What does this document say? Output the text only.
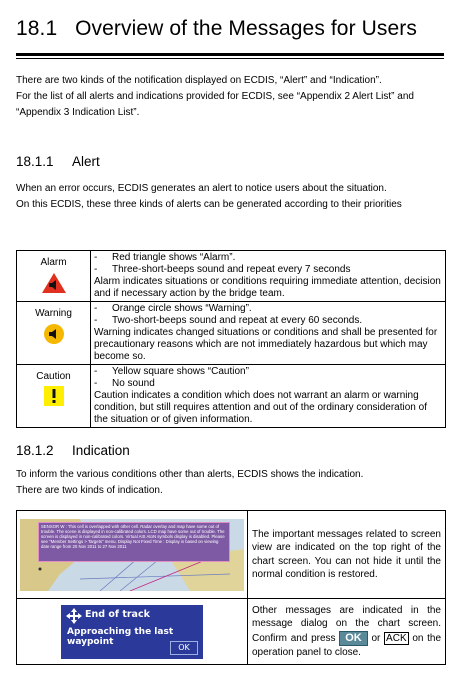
18.1 Overview of the Messages for Users
There are two kinds of the notification displayed on ECDIS, “Alert” and “Indication”.
For the list of all alerts and indications provided for ECDIS, see “Appendix 2 Alert List” and “Appendix 3 Indication List”.
18.1.1 Alert
When an error occurs, ECDIS generates an alert to notice users about the situation.
On this ECDIS, these three kinds of alerts can be generated according to their priorities
Alarm	- Red triangle shows “Alarm”.
- Three-short-beeps sound and repeat every 7 seconds
Alarm indicates situations or conditions requiring immediate attention, decision and if necessary action by the bridge team.

Warning	- Orange circle shows “Warning”.
- Two-short-beeps sound and repeat at every 60 seconds.
Warning indicates changed situations or conditions and shall be presented for precautionary reasons which are not immediately hazardous but which may become so.

Caution	- Yellow square shows “Caution”
- No sound
Caution indicates a condition which does not warrant an alarm or warning condition, but still requires attention and out of the ordinary consideration of the situation or of given information.
18.1.2 Indication
To inform the various conditions other than alerts, ECDIS shows the indication.
There are two kinds of indication.
SENSOR W : This cell is overlapped with other cell. Radar overlay and map have some out of trouble. The scene is displayed in non-calibrated colors. LCD map have some out of trouble. The screen is displayed in non-calibrated colors. Virtual AIS AtoN symbols display is disabled. Please see "Member Settings > Targets" menu. Display Not Fixed Time : Display is based on viewing date range from 20 Nov 2011 to 27 Nov 2011	The important messages related to screen view are indicated on the top right of the chart screen. You can not hide it until the normal condition is restored.

End of track
Approaching the last waypoint
OK	Other messages are indicated in the message dialog on the chart screen. Confirm and press OK or ACK on the operation panel to close.
